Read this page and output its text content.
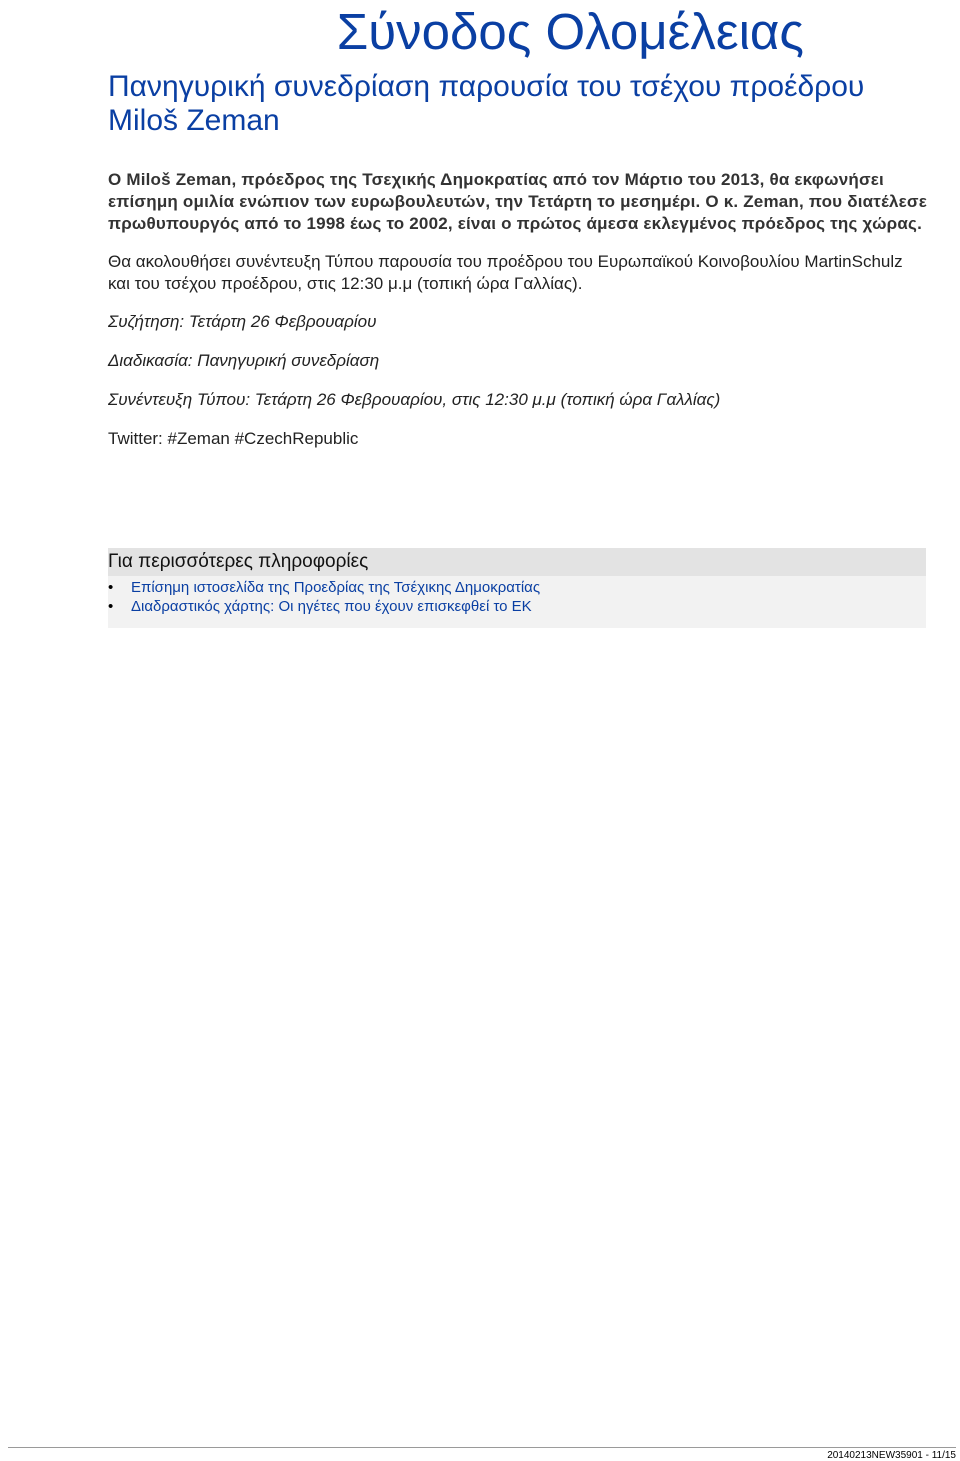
Σύνοδος Ολομέλειας
Πανηγυρική συνεδρίαση παρουσία του τσέχου προέδρου Miloš Zeman

Ο Miloš Zeman, πρόεδρος της Τσεχικής Δημοκρατίας από τον Μάρτιο του 2013, θα εκφωνήσει επίσημη ομιλία ενώπιον των ευρωβουλευτών, την Τετάρτη το μεσημέρι. Ο κ. Zeman, που διατέλεσε πρωθυπουργός από το 1998 έως το 2002, είναι ο πρώτος άμεσα εκλεγμένος πρόεδρος της χώρας.

Θα ακολουθήσει συνέντευξη Τύπου παρουσία του προέδρου του Ευρωπαϊκού Κοινοβουλίου MartinSchulz και του τσέχου προέδρου, στις 12:30 μ.μ (τοπική ώρα Γαλλίας).

Συζήτηση: Τετάρτη 26 Φεβρουαρίου

Διαδικασία: Πανηγυρική συνεδρίαση

Συνέντευξη Τύπου: Τετάρτη 26 Φεβρουαρίου, στις 12:30 μ.μ (τοπική ώρα Γαλλίας)

Twitter: #Zeman #CzechRepublic

Για περισσότερες πληροφορίες
• Επίσημη ιστοσελίδα της Προεδρίας της Τσέχικης Δημοκρατίας
• Διαδραστικός χάρτης: Οι ηγέτες που έχουν επισκεφθεί το ΕΚ
20140213NEW35901 - 11/15
